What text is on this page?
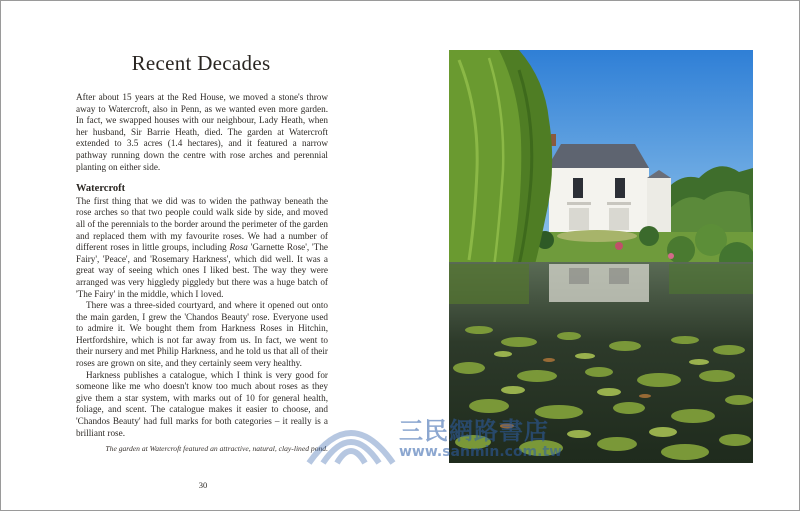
Recent Decades

After about 15 years at the Red House, we moved a stone's throw away to Watercroft, also in Penn, as we wanted even more garden. In fact, we swapped houses with our neighbour, Lady Heath, when her husband, Sir Barrie Heath, died. The garden at Watercroft extended to 3.5 acres (1.4 hectares), and it featured a narrow pathway running down the centre with rose arches and perennial planting on either side.

Watercroft

The first thing that we did was to widen the pathway beneath the rose arches so that two people could walk side by side, and moved all of the perennials to the border around the perimeter of the garden and replaced them with my favourite roses. We had a number of different roses in little groups, including Rosa 'Garnette Rose', 'The Fairy', 'Peace', and 'Rosemary Harkness', which did well. It was a great way of seeing which ones I liked best. The way they were arranged was very higgledy piggledy but there was a huge batch of 'The Fairy' in the middle, which I loved.

There was a three-sided courtyard, and where it opened out onto the main garden, I grew the 'Chandos Beauty' rose. Everyone used to admire it. We bought them from Harkness Roses in Hitchin, Hertfordshire, which is not far away from us. In fact, we went to their nursery and met Philip Harkness, and he told us that all of their roses are grown on site, and they certainly seem very healthy.

Harkness publishes a catalogue, which I think is very good for someone like me who doesn't know too much about roses as they give them a star system, with marks out of 10 for general health, foliage, and scent. The catalogue makes it easier to choose, and 'Chandos Beauty' had full marks for both categories – it really is a brilliant rose.

The garden at Watercroft featured an attractive, natural, clay-lined pond.
30
三民網路書店
www.sanmin.com.tw
